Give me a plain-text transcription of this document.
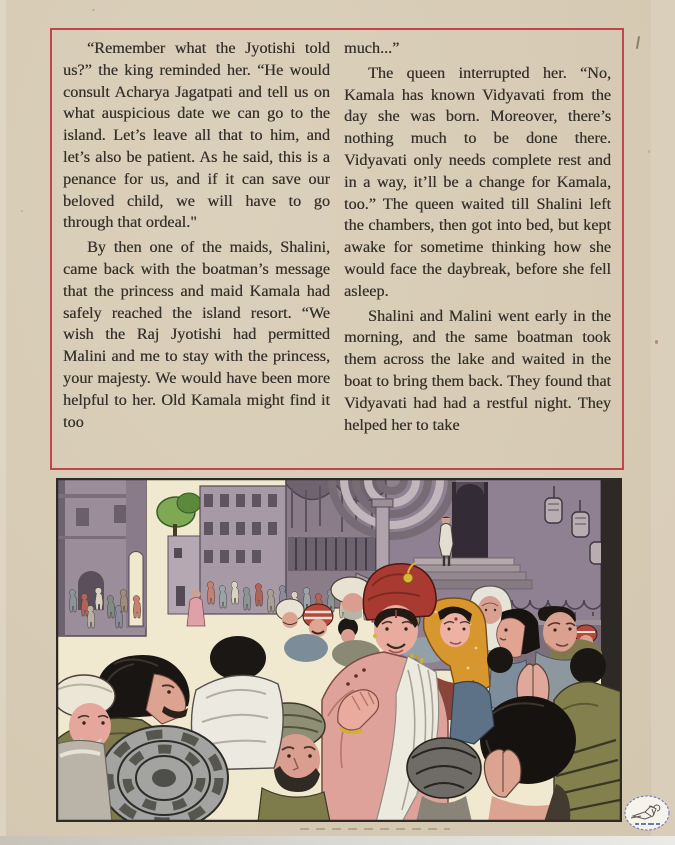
“Remember what the Jyotishi told us?” the king reminded her. “He would consult Acharya Jagatpati and tell us on what auspicious date we can go to the island. Let’s leave all that to him, and let’s also be patient. As he said, this is a penance for us, and if it can save our beloved child, we will have to go through that ordeal."

By then one of the maids, Shalini, came back with the boatman’s message that the princess and maid Kamala had safely reached the island resort. “We wish the Raj Jyotishi had permitted Malini and me to stay with the princess, your majesty. We would have been more helpful to her. Old Kamala might find it too

much...”

The queen interrupted her. “No, Kamala has known Vidyavati from the day she was born. Moreover, there’s nothing much to be done there. Vidyavati only needs complete rest and in a way, it’ll be a change for Kamala, too.” The queen waited till Shalini left the chambers, then got into bed, but kept awake for sometime thinking how she would face the daybreak, before she fell asleep.

Shalini and Malini went early in the morning, and the same boatman took them across the lake and waited in the boat to bring them back. They found that Vidyavati had had a restful night. They helped her to take
